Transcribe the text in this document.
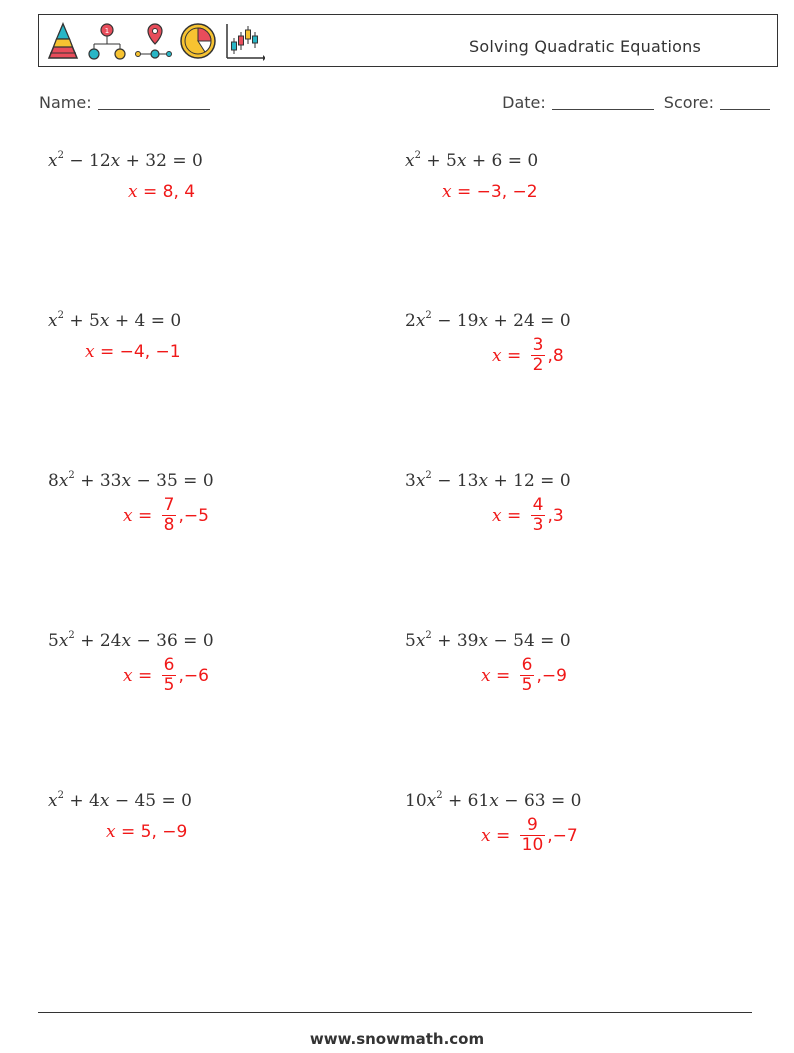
1
Solving Quadratic Equations
Name:	Date:	Score:
$x^2 - 12x + 32 = 0$
x = 8, 4
$x^2 + 5x + 6 = 0$
x = −3, −2
$x^2 + 5x + 4 = 0$
x = −4, −1
$2x^2 - 19x + 24 = 0$
$x = \frac{3}{2} ,8$
$8x^2 + 33x - 35 = 0$
$x = \frac{7}{8} ,-5$
$3x^2 - 13x + 12 = 0$
$x = \frac{4}{3} ,3$
$5x^2 + 24x - 36 = 0$
$x = \frac{6}{5} ,-6$
$5x^2 + 39x - 54 = 0$
$x = \frac{6}{5} ,-9$
$x^2 + 4x - 45 = 0$
x = 5, −9
$10x^2 + 61x - 63 = 0$
$x = \frac{9}{10} ,-7$
www.snowmath.com
